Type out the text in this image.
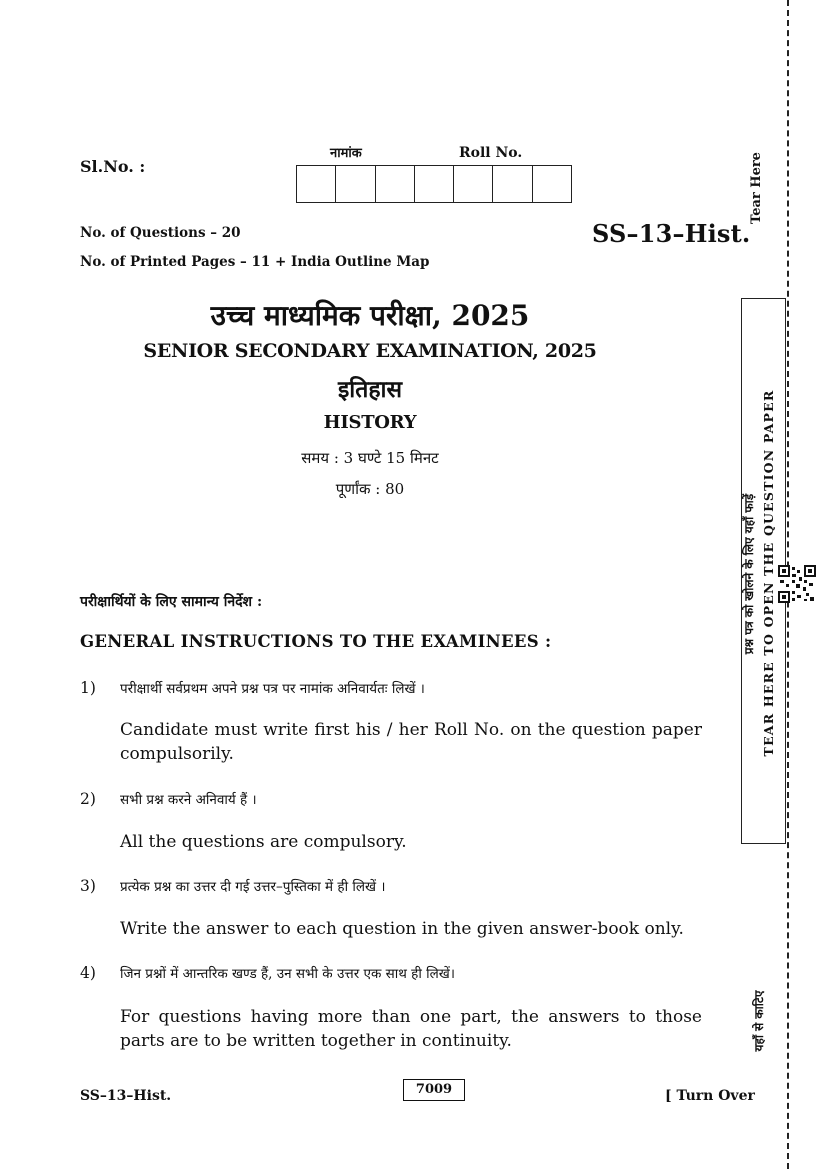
Sl.No. :
नामांक	Roll No.
No. of Questions – 20
No. of Printed Pages – 11 + India Outline Map
SS–13–Hist.
उच्च माध्यमिक परीक्षा, 2025
SENIOR SECONDARY EXAMINATION, 2025
इतिहास
HISTORY
समय : 3 घण्टे 15 मिनट
पूर्णांक : 80
परीक्षार्थियों के लिए सामान्य निर्देश :
GENERAL INSTRUCTIONS TO THE EXAMINEES :
1) परीक्षार्थी सर्वप्रथम अपने प्रश्न पत्र पर नामांक अनिवार्यतः लिखें ।
Candidate must write first his / her Roll No. on the question paper compulsorily.
2) सभी प्रश्न करने अनिवार्य हैं ।
All the questions are compulsory.
3) प्रत्येक प्रश्न का उत्तर दी गई उत्तर–पुस्तिका में ही लिखें ।
Write the answer to each question in the given answer-book only.
4) जिन प्रश्नों में आन्तरिक खण्ड हैं, उन सभी के उत्तर एक साथ ही लिखें।
For questions having more than one part, the answers to those parts are to be written together in continuity.
SS–13–Hist.	7009	[ Turn Over
Tear Here
TEAR HERE TO OPEN THE QUESTION PAPER
प्रश्न पत्र को खोलने के लिए यहाँ फाड़ें
यहाँ से काटिए
